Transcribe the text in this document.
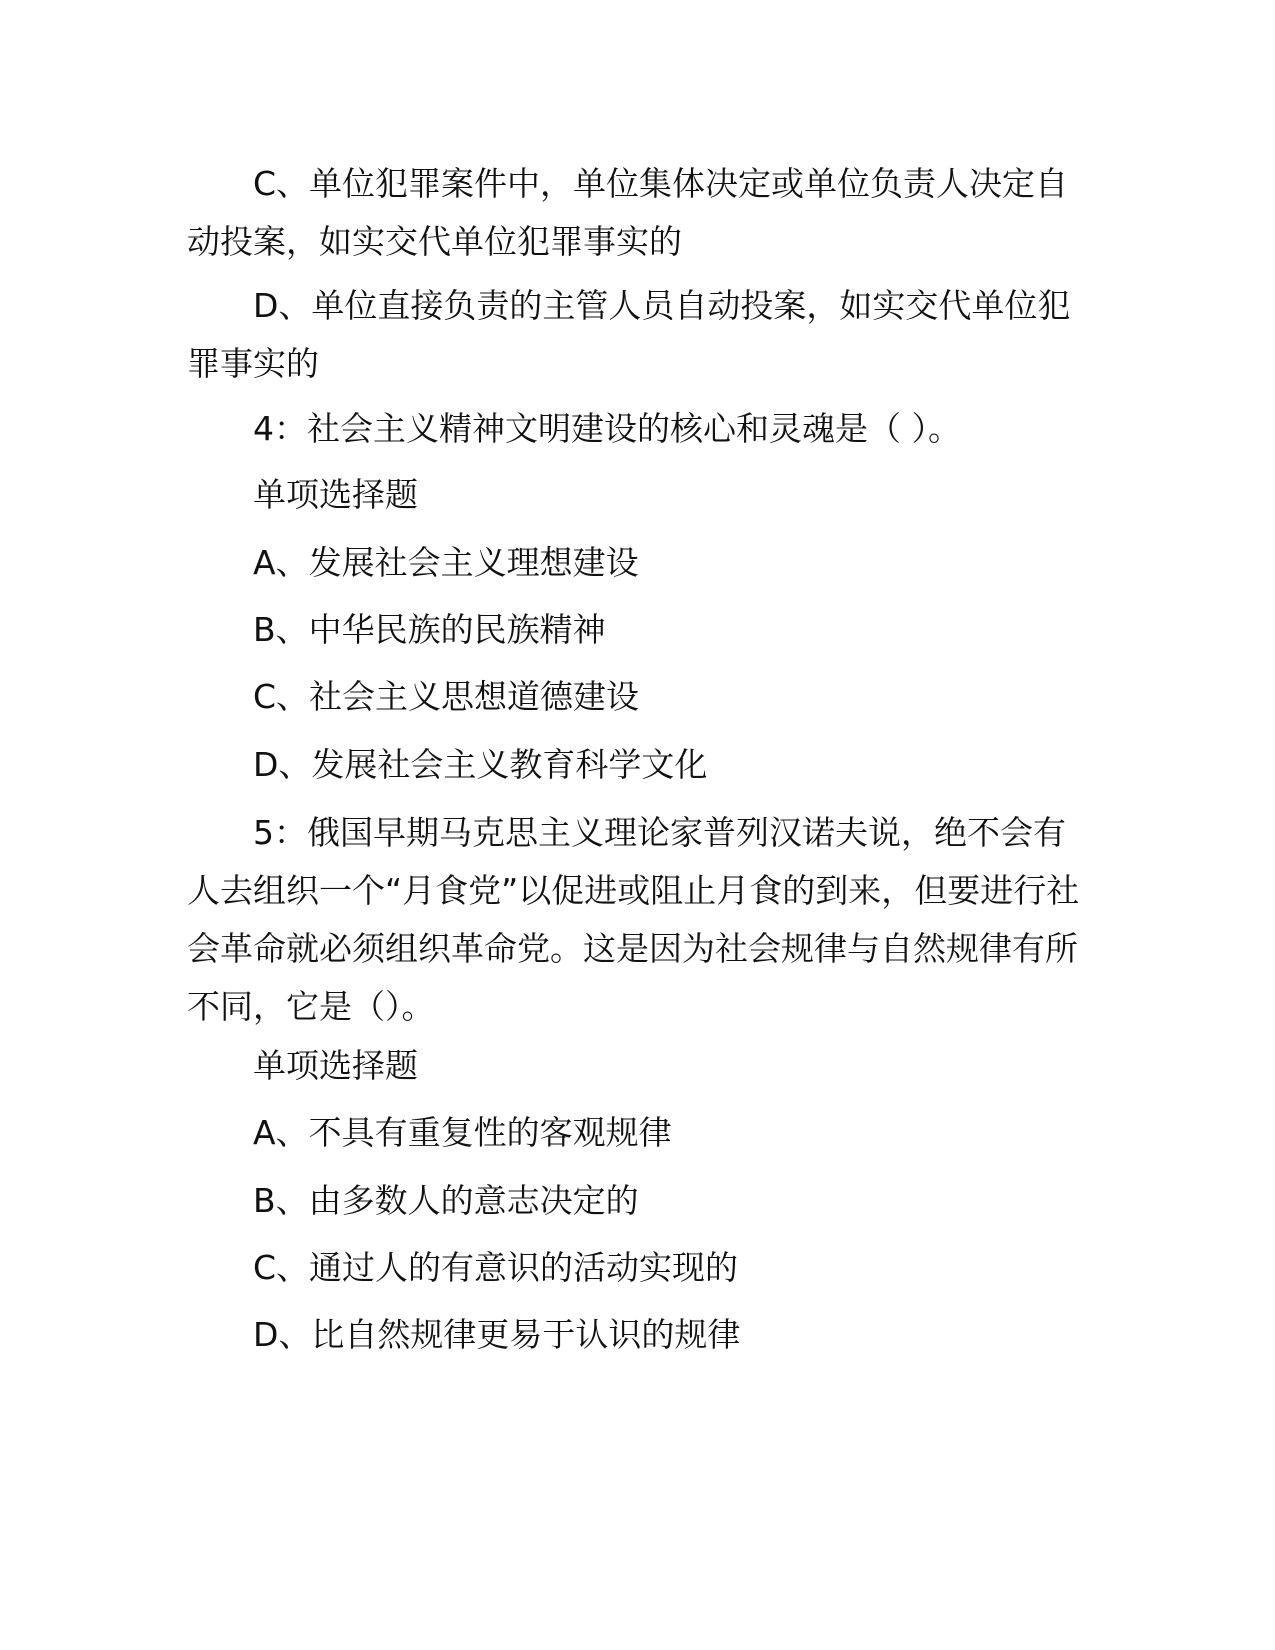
C、单位犯罪案件中，单位集体决定或单位负责人决定自动投案，如实交代单位犯罪事实的

D、单位直接负责的主管人员自动投案，如实交代单位犯罪事实的

4：社会主义精神文明建设的核心和灵魂是（ ）。

单项选择题

A、发展社会主义理想建设

B、中华民族的民族精神

C、社会主义思想道德建设

D、发展社会主义教育科学文化

5：俄国早期马克思主义理论家普列汉诺夫说，绝不会有人去组织一个“月食党”以促进或阻止月食的到来，但要进行社会革命就必须组织革命党。这是因为社会规律与自然规律有所不同，它是（）。

单项选择题

A、不具有重复性的客观规律

B、由多数人的意志决定的

C、通过人的有意识的活动实现的

D、比自然规律更易于认识的规律
